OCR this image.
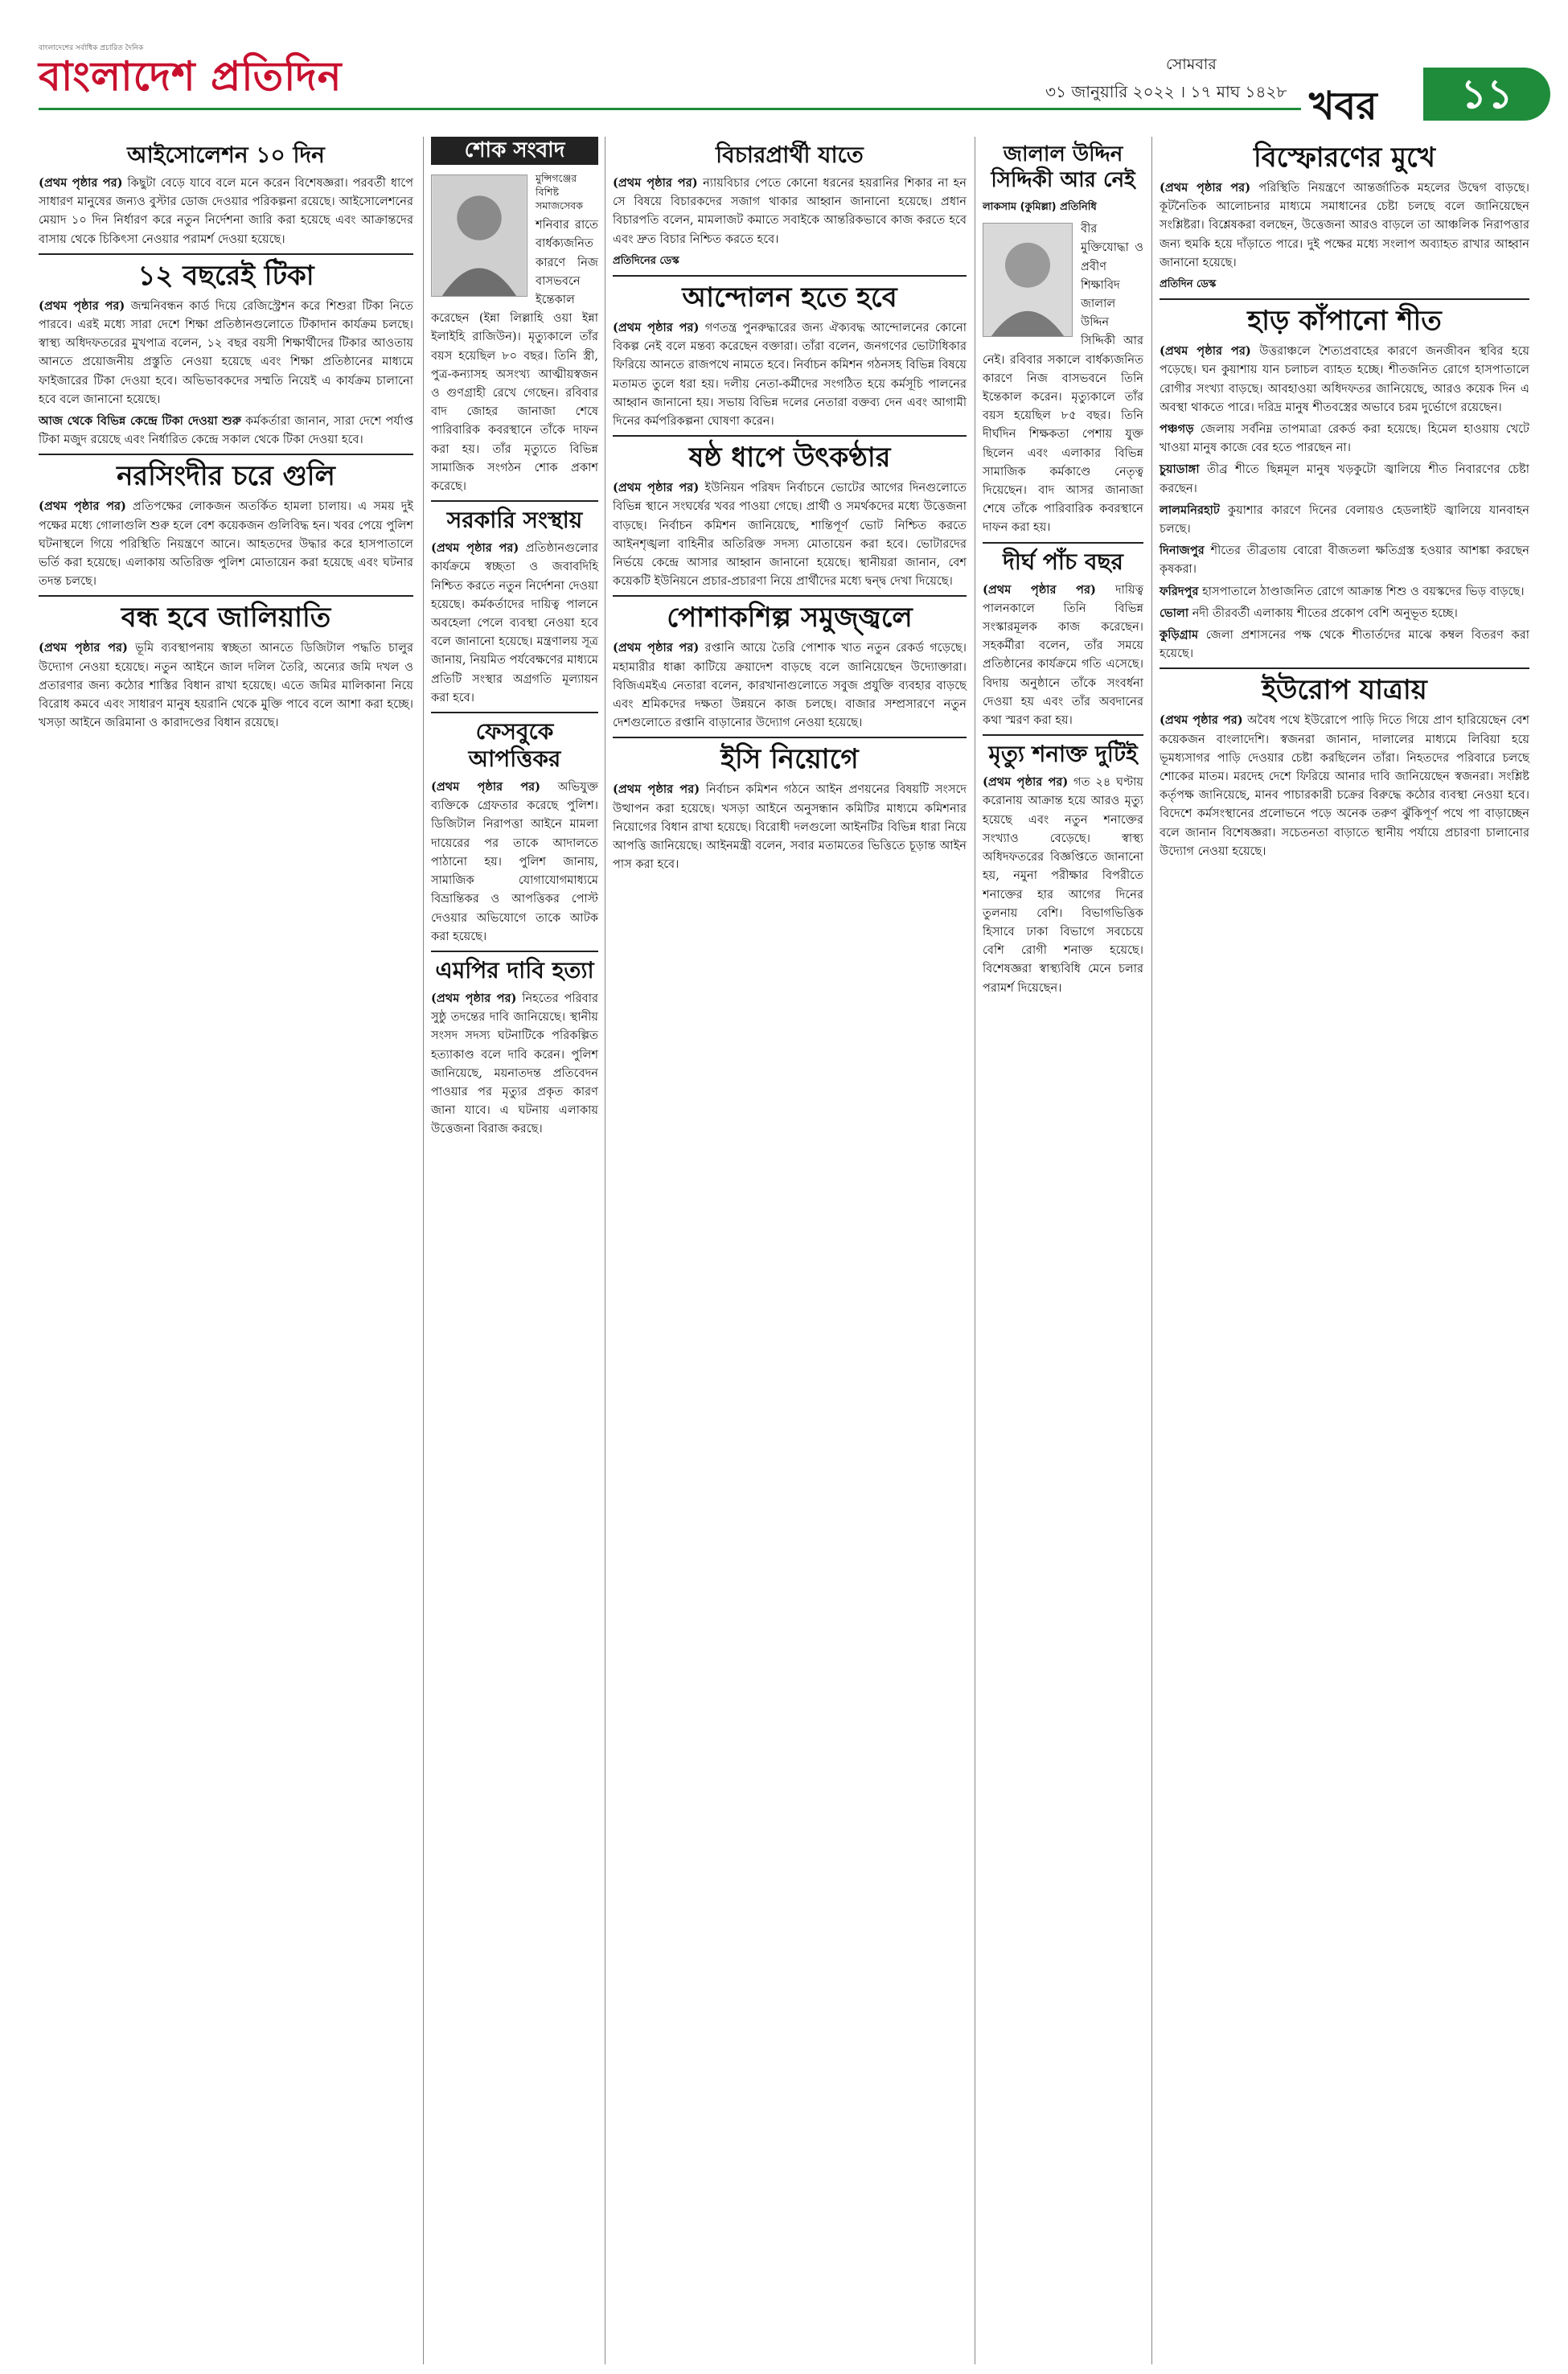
বাংলাদেশের সর্বাধিক প্রচারিত দৈনিক
বাংলাদেশ প্রতিদিন	সোমবার
৩১ জানুয়ারি ২০২২ । ১৭ মাঘ ১৪২৮ খবর	১১
আইসোলেশন ১০ দিন

(প্রথম পৃষ্ঠার পর) কিছুটা বেড়ে যাবে বলে মনে করেন বিশেষজ্ঞরা। পরবর্তী ধাপে সাধারণ মানুষের জন্যও বুস্টার ডোজ দেওয়ার পরিকল্পনা রয়েছে। আইসোলেশনের মেয়াদ ১০ দিন নির্ধারণ করে নতুন নির্দেশনা জারি করা হয়েছে এবং আক্রান্তদের বাসায় থেকে চিকিৎসা নেওয়ার পরামর্শ দেওয়া হয়েছে।

১২ বছরেই টিকা

(প্রথম পৃষ্ঠার পর) জন্মনিবন্ধন কার্ড দিয়ে রেজিস্ট্রেশন করে শিশুরা টিকা নিতে পারবে। এরই মধ্যে সারা দেশে শিক্ষা প্রতিষ্ঠানগুলোতে টিকাদান কার্যক্রম চলছে। স্বাস্থ্য অধিদফতরের মুখপাত্র বলেন, ১২ বছর বয়সী শিক্ষার্থীদের টিকার আওতায় আনতে প্রয়োজনীয় প্রস্তুতি নেওয়া হয়েছে এবং শিক্ষা প্রতিষ্ঠানের মাধ্যমে ফাইজারের টিকা দেওয়া হবে। অভিভাবকদের সম্মতি নিয়েই এ কার্যক্রম চালানো হবে বলে জানানো হয়েছে।

আজ থেকে বিভিন্ন কেন্দ্রে টিকা দেওয়া শুরু কর্মকর্তারা জানান, সারা দেশে পর্যাপ্ত টিকা মজুদ রয়েছে এবং নির্ধারিত কেন্দ্রে সকাল থেকে টিকা দেওয়া হবে।

নরসিংদীর চরে গুলি

(প্রথম পৃষ্ঠার পর) প্রতিপক্ষের লোকজন অতর্কিত হামলা চালায়। এ সময় দুই পক্ষের মধ্যে গোলাগুলি শুরু হলে বেশ কয়েকজন গুলিবিদ্ধ হন। খবর পেয়ে পুলিশ ঘটনাস্থলে গিয়ে পরিস্থিতি নিয়ন্ত্রণে আনে। আহতদের উদ্ধার করে হাসপাতালে ভর্তি করা হয়েছে। এলাকায় অতিরিক্ত পুলিশ মোতায়েন করা হয়েছে এবং ঘটনার তদন্ত চলছে।

বন্ধ হবে জালিয়াতি

(প্রথম পৃষ্ঠার পর) ভূমি ব্যবস্থাপনায় স্বচ্ছতা আনতে ডিজিটাল পদ্ধতি চালুর উদ্যোগ নেওয়া হয়েছে। নতুন আইনে জাল দলিল তৈরি, অন্যের জমি দখল ও প্রতারণার জন্য কঠোর শাস্তির বিধান রাখা হয়েছে। এতে জমির মালিকানা নিয়ে বিরোধ কমবে এবং সাধারণ মানুষ হয়রানি থেকে মুক্তি পাবে বলে আশা করা হচ্ছে। খসড়া আইনে জরিমানা ও কারাদণ্ডের বিধান রয়েছে।

শোক সংবাদ

মুন্সিগঞ্জের বিশিষ্ট সমাজসেবক

শনিবার রাতে বার্ধক্যজনিত কারণে নিজ বাসভবনে ইন্তেকাল করেছেন (ইন্না লিল্লাহি ওয়া ইন্না ইলাইহি রাজিউন)। মৃত্যুকালে তাঁর বয়স হয়েছিল ৮০ বছর। তিনি স্ত্রী, পুত্র-কন্যাসহ অসংখ্য আত্মীয়স্বজন ও গুণগ্রাহী রেখে গেছেন। রবিবার বাদ জোহর জানাজা শেষে পারিবারিক কবরস্থানে তাঁকে দাফন করা হয়। তাঁর মৃত্যুতে বিভিন্ন সামাজিক সংগঠন শোক প্রকাশ করেছে।

সরকারি সংস্থায়

(প্রথম পৃষ্ঠার পর) প্রতিষ্ঠানগুলোর কার্যক্রমে স্বচ্ছতা ও জবাবদিহি নিশ্চিত করতে নতুন নির্দেশনা দেওয়া হয়েছে। কর্মকর্তাদের দায়িত্ব পালনে অবহেলা পেলে ব্যবস্থা নেওয়া হবে বলে জানানো হয়েছে। মন্ত্রণালয় সূত্র জানায়, নিয়মিত পর্যবেক্ষণের মাধ্যমে প্রতিটি সংস্থার অগ্রগতি মূল্যায়ন করা হবে।

ফেসবুকে আপত্তিকর

(প্রথম পৃষ্ঠার পর) অভিযুক্ত ব্যক্তিকে গ্রেফতার করেছে পুলিশ। ডিজিটাল নিরাপত্তা আইনে মামলা দায়েরের পর তাকে আদালতে পাঠানো হয়। পুলিশ জানায়, সামাজিক যোগাযোগমাধ্যমে বিভ্রান্তিকর ও আপত্তিকর পোস্ট দেওয়ার অভিযোগে তাকে আটক করা হয়েছে।

এমপির দাবি হত্যা

(প্রথম পৃষ্ঠার পর) নিহতের পরিবার সুষ্ঠু তদন্তের দাবি জানিয়েছে। স্থানীয় সংসদ সদস্য ঘটনাটিকে পরিকল্পিত হত্যাকাণ্ড বলে দাবি করেন। পুলিশ জানিয়েছে, ময়নাতদন্ত প্রতিবেদন পাওয়ার পর মৃত্যুর প্রকৃত কারণ জানা যাবে। এ ঘটনায় এলাকায় উত্তেজনা বিরাজ করছে।

বিচারপ্রার্থী যাতে

(প্রথম পৃষ্ঠার পর) ন্যায়বিচার পেতে কোনো ধরনের হয়রানির শিকার না হন সে বিষয়ে বিচারকদের সজাগ থাকার আহ্বান জানানো হয়েছে। প্রধান বিচারপতি বলেন, মামলাজট কমাতে সবাইকে আন্তরিকভাবে কাজ করতে হবে এবং দ্রুত বিচার নিশ্চিত করতে হবে।

প্রতিদিনের ডেস্ক

আন্দোলন হতে হবে

(প্রথম পৃষ্ঠার পর) গণতন্ত্র পুনরুদ্ধারের জন্য ঐক্যবদ্ধ আন্দোলনের কোনো বিকল্প নেই বলে মন্তব্য করেছেন বক্তারা। তাঁরা বলেন, জনগণের ভোটাধিকার ফিরিয়ে আনতে রাজপথে নামতে হবে। নির্বাচন কমিশন গঠনসহ বিভিন্ন বিষয়ে মতামত তুলে ধরা হয়। দলীয় নেতা-কর্মীদের সংগঠিত হয়ে কর্মসূচি পালনের আহ্বান জানানো হয়। সভায় বিভিন্ন দলের নেতারা বক্তব্য দেন এবং আগামী দিনের কর্মপরিকল্পনা ঘোষণা করেন।

ষষ্ঠ ধাপে উৎকণ্ঠার

(প্রথম পৃষ্ঠার পর) ইউনিয়ন পরিষদ নির্বাচনে ভোটের আগের দিনগুলোতে বিভিন্ন স্থানে সংঘর্ষের খবর পাওয়া গেছে। প্রার্থী ও সমর্থকদের মধ্যে উত্তেজনা বাড়ছে। নির্বাচন কমিশন জানিয়েছে, শান্তিপূর্ণ ভোট নিশ্চিত করতে আইনশৃঙ্খলা বাহিনীর অতিরিক্ত সদস্য মোতায়েন করা হবে। ভোটারদের নির্ভয়ে কেন্দ্রে আসার আহ্বান জানানো হয়েছে। স্থানীয়রা জানান, বেশ কয়েকটি ইউনিয়নে প্রচার-প্রচারণা নিয়ে প্রার্থীদের মধ্যে দ্বন্দ্ব দেখা দিয়েছে।

পোশাকশিল্প সমুজ্জ্বলে

(প্রথম পৃষ্ঠার পর) রপ্তানি আয়ে তৈরি পোশাক খাত নতুন রেকর্ড গড়েছে। মহামারীর ধাক্কা কাটিয়ে ক্রয়াদেশ বাড়ছে বলে জানিয়েছেন উদ্যোক্তারা। বিজিএমইএ নেতারা বলেন, কারখানাগুলোতে সবুজ প্রযুক্তি ব্যবহার বাড়ছে এবং শ্রমিকদের দক্ষতা উন্নয়নে কাজ চলছে। বাজার সম্প্রসারণে নতুন দেশগুলোতে রপ্তানি বাড়ানোর উদ্যোগ নেওয়া হয়েছে।

ইসি নিয়োগে

(প্রথম পৃষ্ঠার পর) নির্বাচন কমিশন গঠনে আইন প্রণয়নের বিষয়টি সংসদে উত্থাপন করা হয়েছে। খসড়া আইনে অনুসন্ধান কমিটির মাধ্যমে কমিশনার নিয়োগের বিধান রাখা হয়েছে। বিরোধী দলগুলো আইনটির বিভিন্ন ধারা নিয়ে আপত্তি জানিয়েছে। আইনমন্ত্রী বলেন, সবার মতামতের ভিত্তিতে চূড়ান্ত আইন পাস করা হবে।

জালাল উদ্দিন সিদ্দিকী আর নেই

লাকসাম (কুমিল্লা) প্রতিনিধি

বীর মুক্তিযোদ্ধা ও প্রবীণ শিক্ষাবিদ জালাল উদ্দিন সিদ্দিকী আর নেই। রবিবার সকালে বার্ধক্যজনিত কারণে নিজ বাসভবনে তিনি ইন্তেকাল করেন। মৃত্যুকালে তাঁর বয়স হয়েছিল ৮৫ বছর। তিনি দীর্ঘদিন শিক্ষকতা পেশায় যুক্ত ছিলেন এবং এলাকার বিভিন্ন সামাজিক কর্মকাণ্ডে নেতৃত্ব দিয়েছেন। বাদ আসর জানাজা শেষে তাঁকে পারিবারিক কবরস্থানে দাফন করা হয়।

দীর্ঘ পাঁচ বছর

(প্রথম পৃষ্ঠার পর) দায়িত্ব পালনকালে তিনি বিভিন্ন সংস্কারমূলক কাজ করেছেন। সহকর্মীরা বলেন, তাঁর সময়ে প্রতিষ্ঠানের কার্যক্রমে গতি এসেছে। বিদায় অনুষ্ঠানে তাঁকে সংবর্ধনা দেওয়া হয় এবং তাঁর অবদানের কথা স্মরণ করা হয়।

মৃত্যু শনাক্ত দুটিই

(প্রথম পৃষ্ঠার পর) গত ২৪ ঘণ্টায় করোনায় আক্রান্ত হয়ে আরও মৃত্যু হয়েছে এবং নতুন শনাক্তের সংখ্যাও বেড়েছে। স্বাস্থ্য অধিদফতরের বিজ্ঞপ্তিতে জানানো হয়, নমুনা পরীক্ষার বিপরীতে শনাক্তের হার আগের দিনের তুলনায় বেশি। বিভাগভিত্তিক হিসাবে ঢাকা বিভাগে সবচেয়ে বেশি রোগী শনাক্ত হয়েছে। বিশেষজ্ঞরা স্বাস্থ্যবিধি মেনে চলার পরামর্শ দিয়েছেন।

বিস্ফোরণের মুখে

(প্রথম পৃষ্ঠার পর) পরিস্থিতি নিয়ন্ত্রণে আন্তর্জাতিক মহলের উদ্বেগ বাড়ছে। কূটনৈতিক আলোচনার মাধ্যমে সমাধানের চেষ্টা চলছে বলে জানিয়েছেন সংশ্লিষ্টরা। বিশ্লেষকরা বলছেন, উত্তেজনা আরও বাড়লে তা আঞ্চলিক নিরাপত্তার জন্য হুমকি হয়ে দাঁড়াতে পারে। দুই পক্ষের মধ্যে সংলাপ অব্যাহত রাখার আহ্বান জানানো হয়েছে।

প্রতিদিন ডেস্ক

হাড় কাঁপানো শীত

(প্রথম পৃষ্ঠার পর) উত্তরাঞ্চলে শৈত্যপ্রবাহের কারণে জনজীবন স্থবির হয়ে পড়েছে। ঘন কুয়াশায় যান চলাচল ব্যাহত হচ্ছে। শীতজনিত রোগে হাসপাতালে রোগীর সংখ্যা বাড়ছে। আবহাওয়া অধিদফতর জানিয়েছে, আরও কয়েক দিন এ অবস্থা থাকতে পারে। দরিদ্র মানুষ শীতবস্ত্রের অভাবে চরম দুর্ভোগে রয়েছেন।

পঞ্চগড় জেলায় সর্বনিম্ন তাপমাত্রা রেকর্ড করা হয়েছে। হিমেল হাওয়ায় খেটে খাওয়া মানুষ কাজে বের হতে পারছেন না।

চুয়াডাঙ্গা তীব্র শীতে ছিন্নমূল মানুষ খড়কুটো জ্বালিয়ে শীত নিবারণের চেষ্টা করছেন।

লালমনিরহাট কুয়াশার কারণে দিনের বেলায়ও হেডলাইট জ্বালিয়ে যানবাহন চলছে।

দিনাজপুর শীতের তীব্রতায় বোরো বীজতলা ক্ষতিগ্রস্ত হওয়ার আশঙ্কা করছেন কৃষকরা।

ফরিদপুর হাসপাতালে ঠাণ্ডাজনিত রোগে আক্রান্ত শিশু ও বয়স্কদের ভিড় বাড়ছে।

ভোলা নদী তীরবর্তী এলাকায় শীতের প্রকোপ বেশি অনুভূত হচ্ছে।

কুড়িগ্রাম জেলা প্রশাসনের পক্ষ থেকে শীতার্তদের মাঝে কম্বল বিতরণ করা হয়েছে।

ইউরোপ যাত্রায়

(প্রথম পৃষ্ঠার পর) অবৈধ পথে ইউরোপে পাড়ি দিতে গিয়ে প্রাণ হারিয়েছেন বেশ কয়েকজন বাংলাদেশি। স্বজনরা জানান, দালালের মাধ্যমে লিবিয়া হয়ে ভূমধ্যসাগর পাড়ি দেওয়ার চেষ্টা করছিলেন তাঁরা। নিহতদের পরিবারে চলছে শোকের মাতম। মরদেহ দেশে ফিরিয়ে আনার দাবি জানিয়েছেন স্বজনরা। সংশ্লিষ্ট কর্তৃপক্ষ জানিয়েছে, মানব পাচারকারী চক্রের বিরুদ্ধে কঠোর ব্যবস্থা নেওয়া হবে। বিদেশে কর্মসংস্থানের প্রলোভনে পড়ে অনেক তরুণ ঝুঁকিপূর্ণ পথে পা বাড়াচ্ছেন বলে জানান বিশেষজ্ঞরা। সচেতনতা বাড়াতে স্থানীয় পর্যায়ে প্রচারণা চালানোর উদ্যোগ নেওয়া হয়েছে।
